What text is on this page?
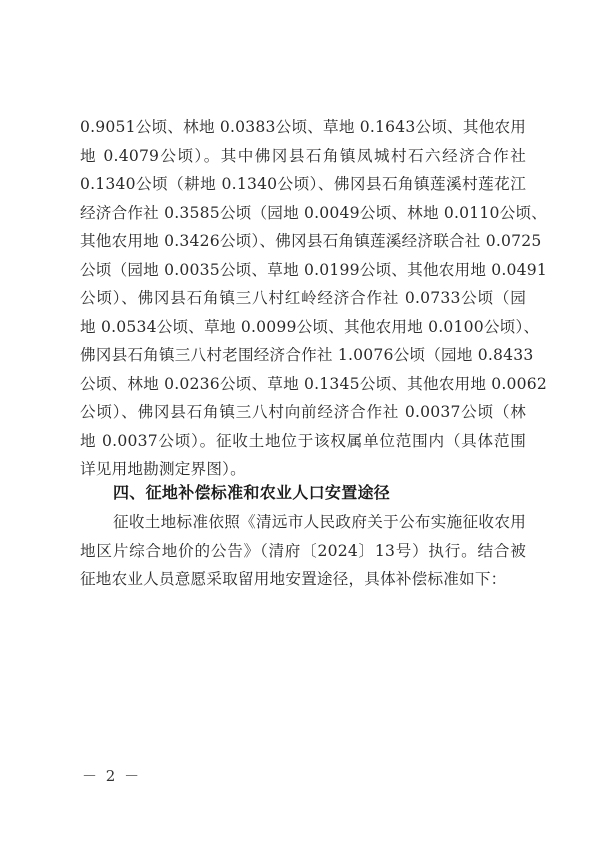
0.9051公顷、林地 0.0383公顷、草地 0.1643公顷、其他农用
地 0.4079公顷）。其中佛冈县石角镇凤城村石六经济合作社
0.1340公顷（耕地 0.1340公顷）、佛冈县石角镇莲溪村莲花江
经济合作社 0.3585公顷（园地 0.0049公顷、林地 0.0110公顷、
其他农用地 0.3426公顷）、佛冈县石角镇莲溪经济联合社 0.0725
公顷（园地 0.0035公顷、草地 0.0199公顷、其他农用地 0.0491
公顷）、佛冈县石角镇三八村红岭经济合作社 0.0733公顷（园
地 0.0534公顷、草地 0.0099公顷、其他农用地 0.0100公顷）、
佛冈县石角镇三八村老围经济合作社 1.0076公顷（园地 0.8433
公顷、林地 0.0236公顷、草地 0.1345公顷、其他农用地 0.0062
公顷）、佛冈县石角镇三八村向前经济合作社 0.0037公顷（林
地 0.0037公顷）。征收土地位于该权属单位范围内（具体范围
详见用地勘测定界图）。
四、征地补偿标准和农业人口安置途径
征收土地标准依照《清远市人民政府关于公布实施征收农用
地区片综合地价的公告》（清府〔2024〕13号）执行。结合被
征地农业人员意愿采取留用地安置途径，具体补偿标准如下：
－ 2 －
